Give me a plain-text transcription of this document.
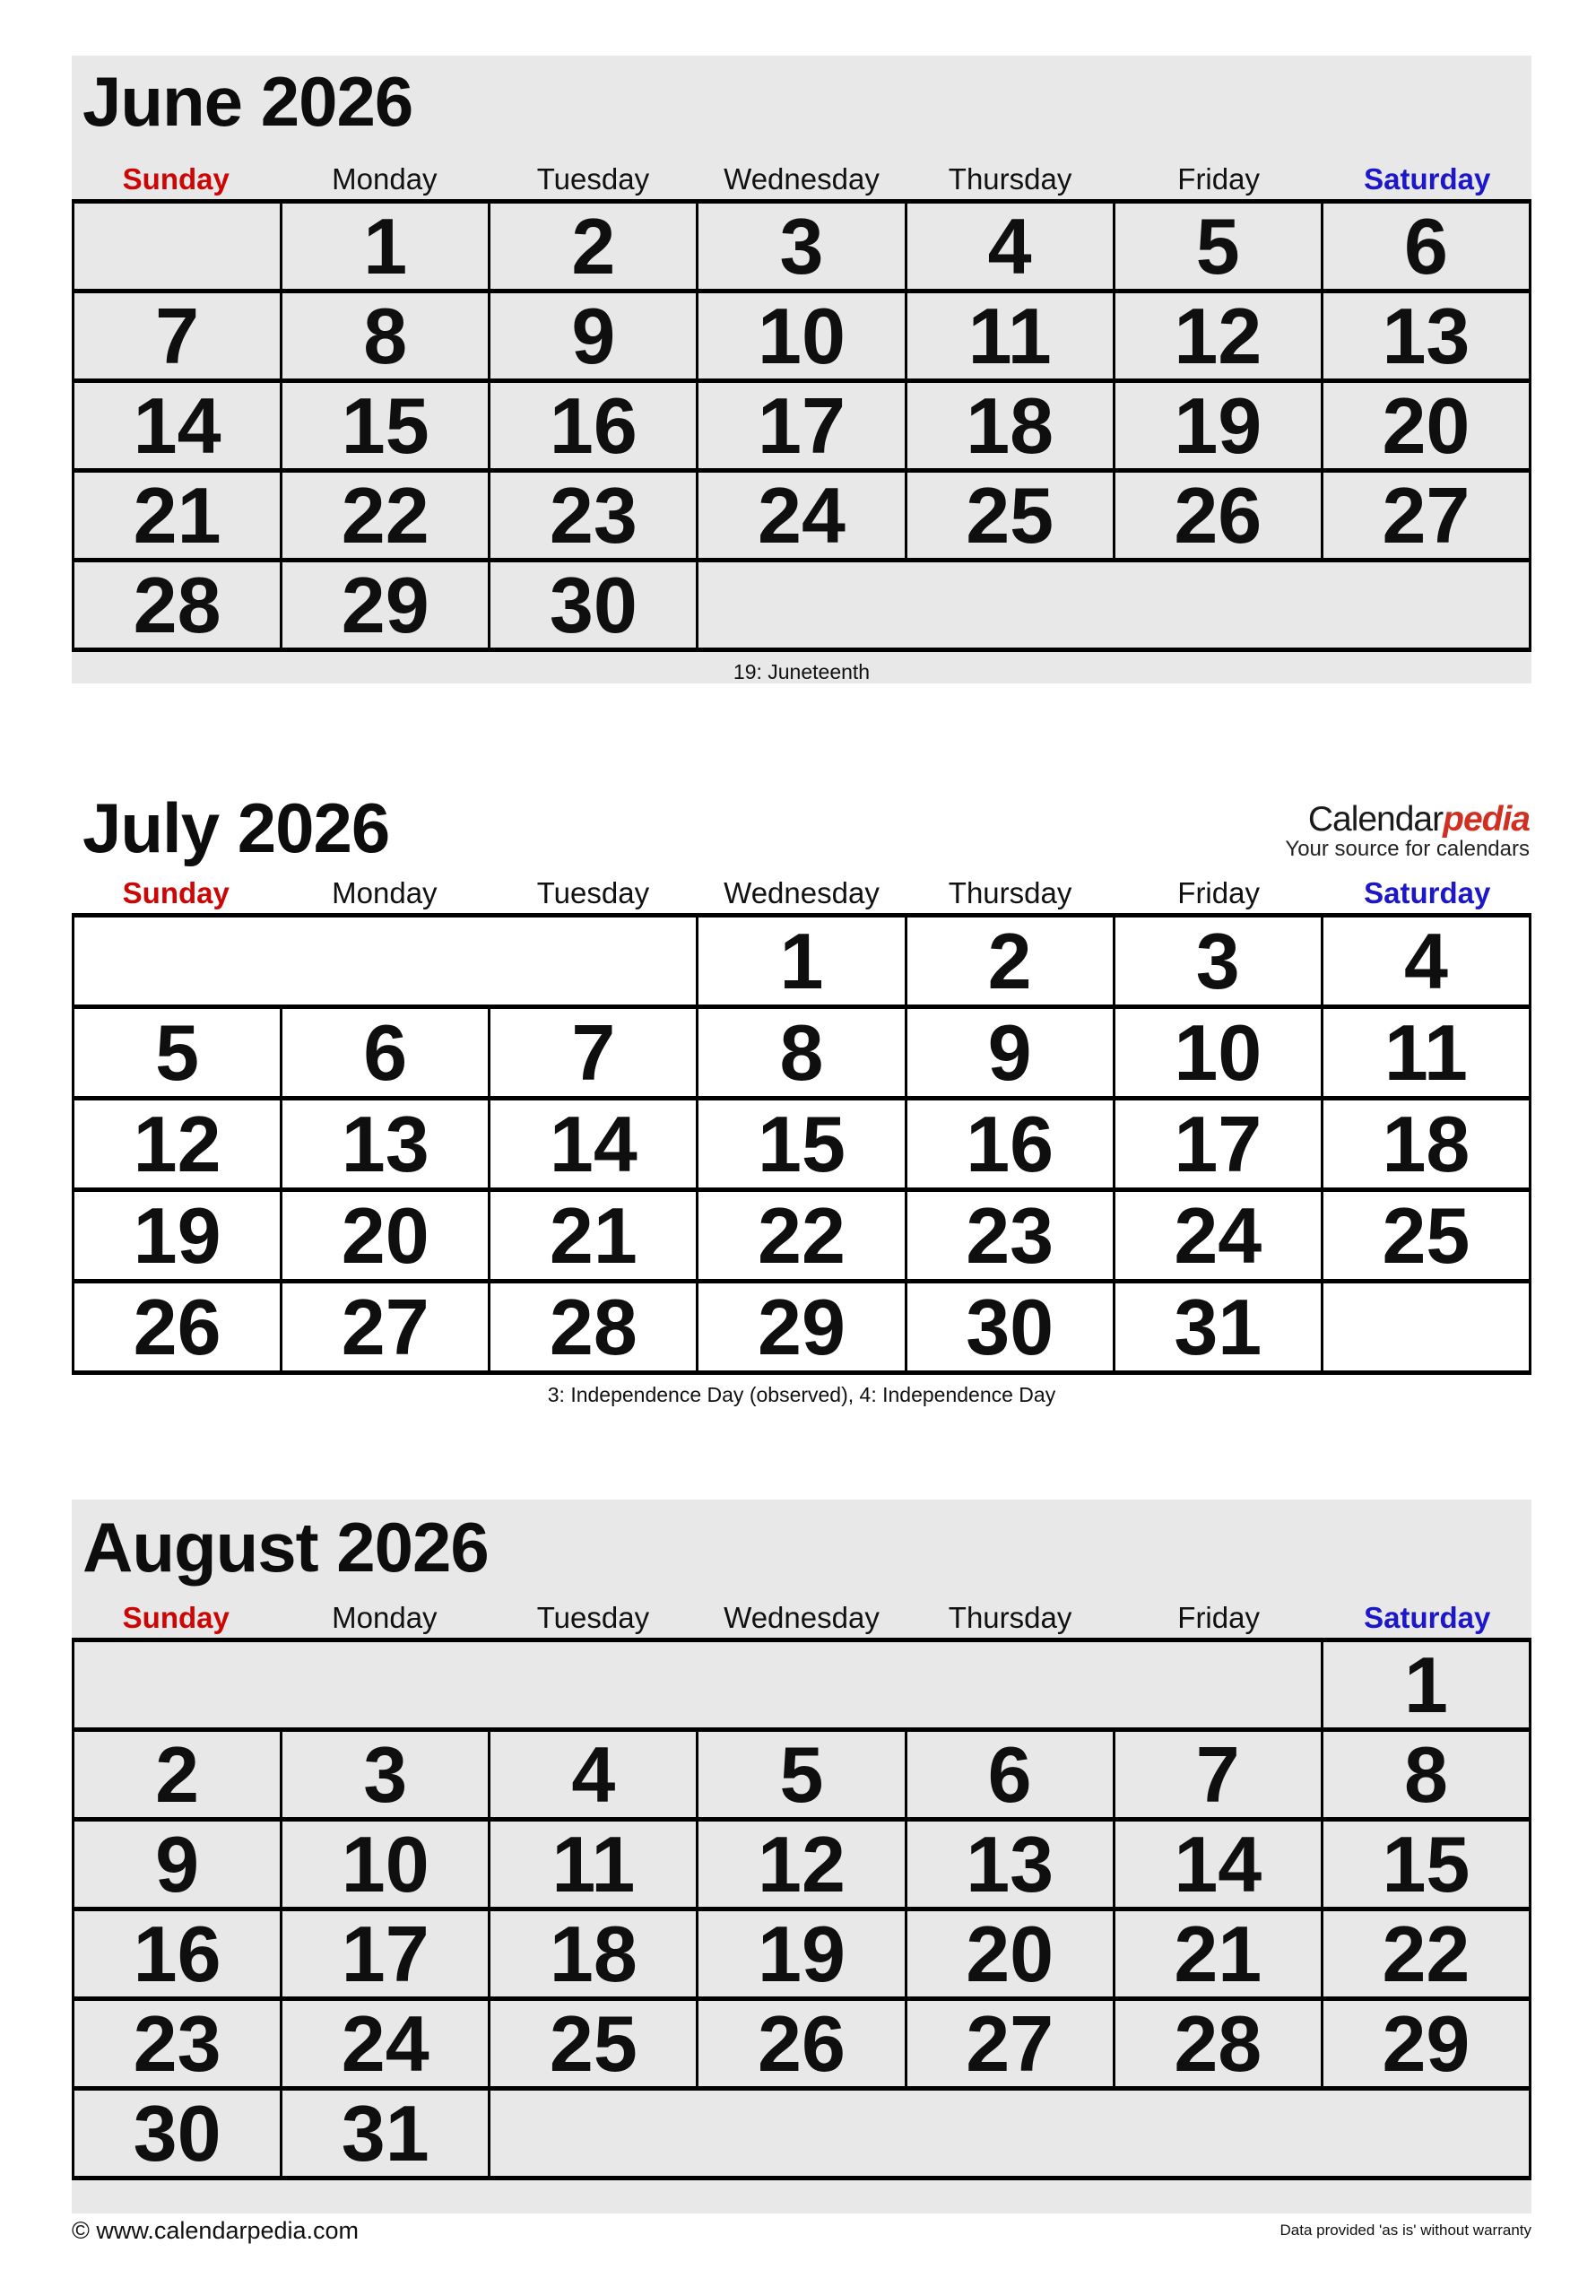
June 2026
Sunday	Monday	Tuesday	Wednesday	Thursday	Friday	Saturday
	1	2	3	4	5	6
7	8	9	10	11	12	13
14	15	16	17	18	19	20
21	22	23	24	25	26	27
28	29	30				
19: Juneteenth
July 2026	Calendarpedia
Your source for calendars
Sunday	Monday	Tuesday	Wednesday	Thursday	Friday	Saturday
			1	2	3	4
5	6	7	8	9	10	11
12	13	14	15	16	17	18
19	20	21	22	23	24	25
26	27	28	29	30	31	
3: Independence Day (observed), 4: Independence Day
August 2026
Sunday	Monday	Tuesday	Wednesday	Thursday	Friday	Saturday
						1
2	3	4	5	6	7	8
9	10	11	12	13	14	15
16	17	18	19	20	21	22
23	24	25	26	27	28	29
30	31					
© www.calendarpedia.com	Data provided 'as is' without warranty
